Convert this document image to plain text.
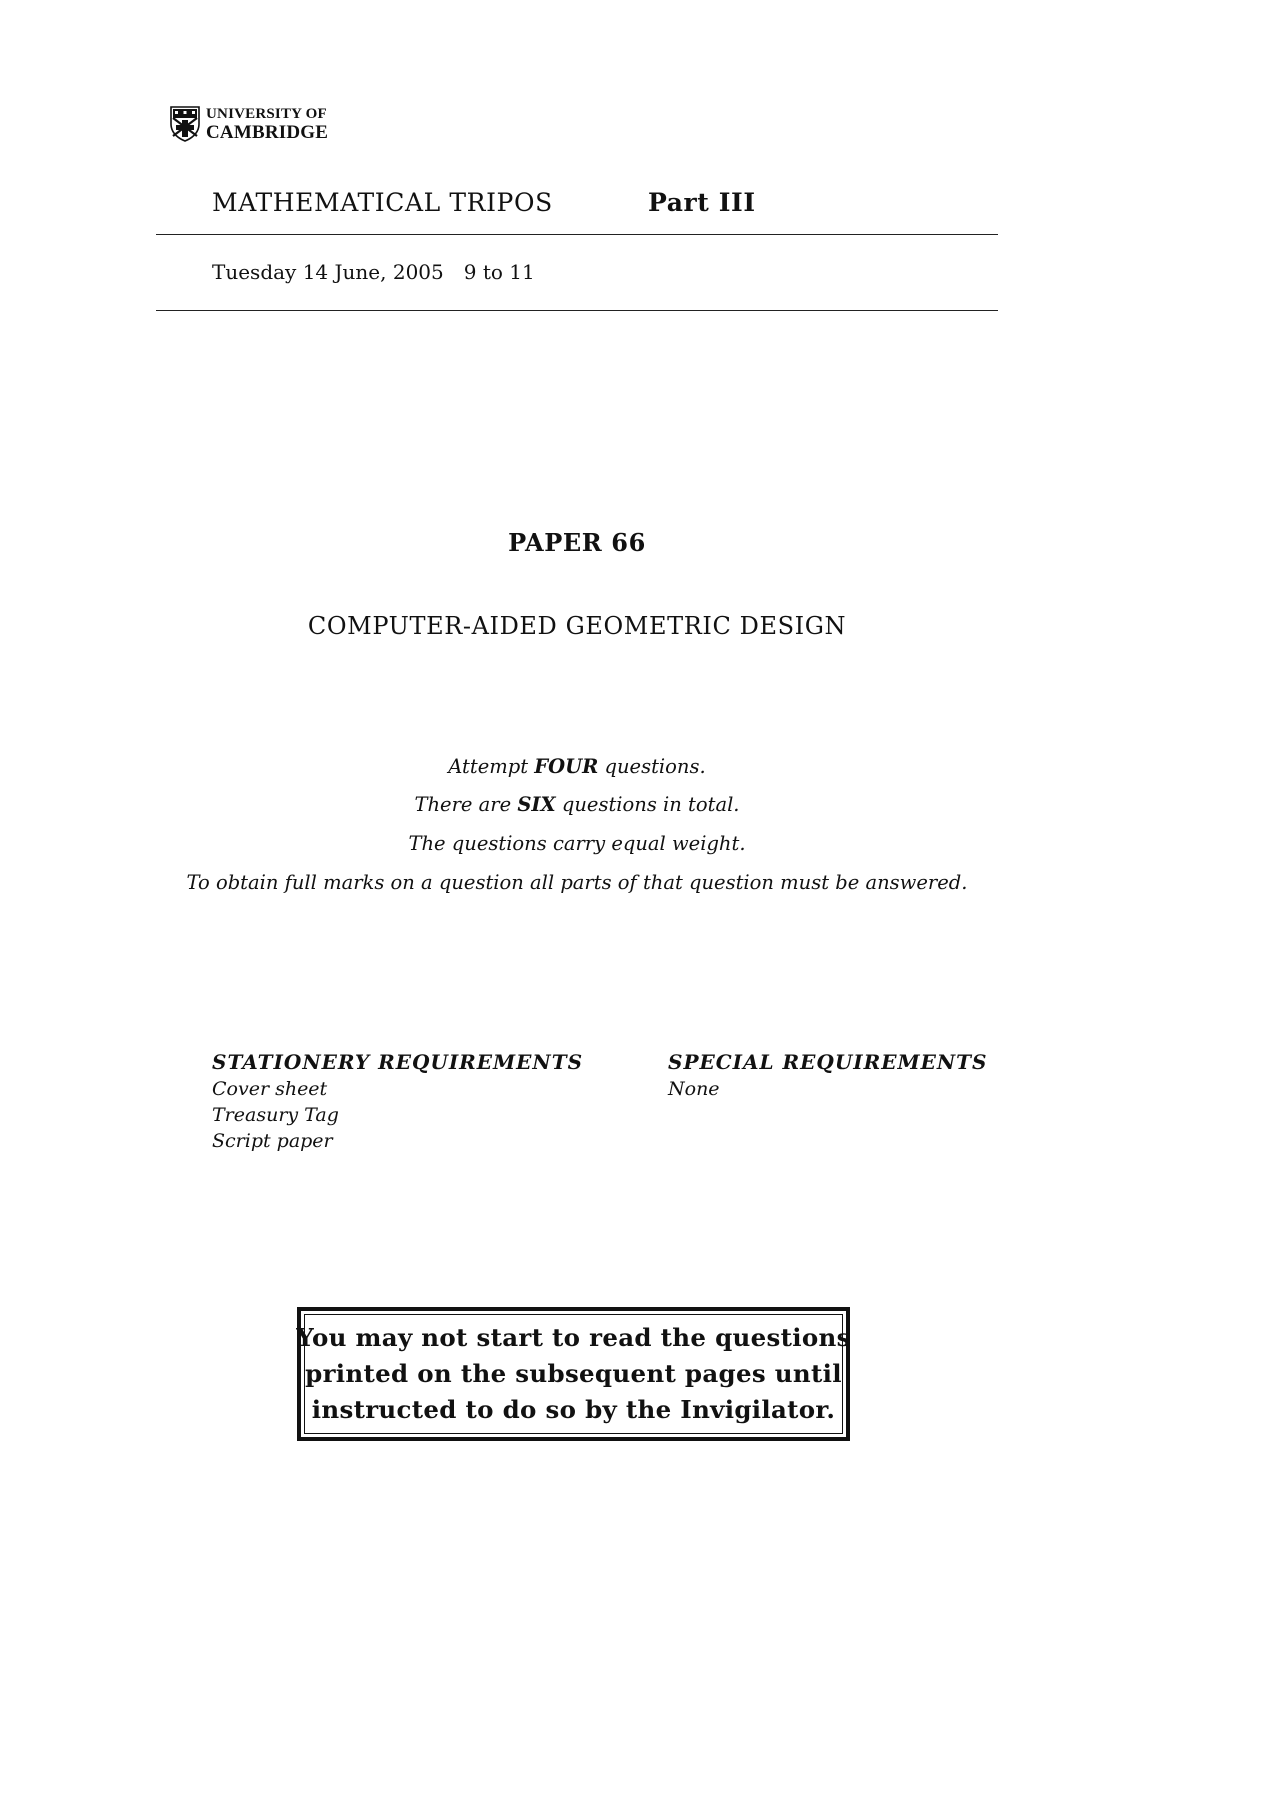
UNIVERSITY OF
CAMBRIDGE
MATHEMATICAL TRIPOS	Part III
Tuesday 14 June, 2005 9 to 11
PAPER 66
COMPUTER-AIDED GEOMETRIC DESIGN
Attempt FOUR questions.
There are SIX questions in total.
The questions carry equal weight.
To obtain full marks on a question all parts of that question must be answered.
STATIONERY REQUIREMENTS
Cover sheet
Treasury Tag
Script paper
SPECIAL REQUIREMENTS
None
You may not start to read the questions
printed on the subsequent pages until
instructed to do so by the Invigilator.
